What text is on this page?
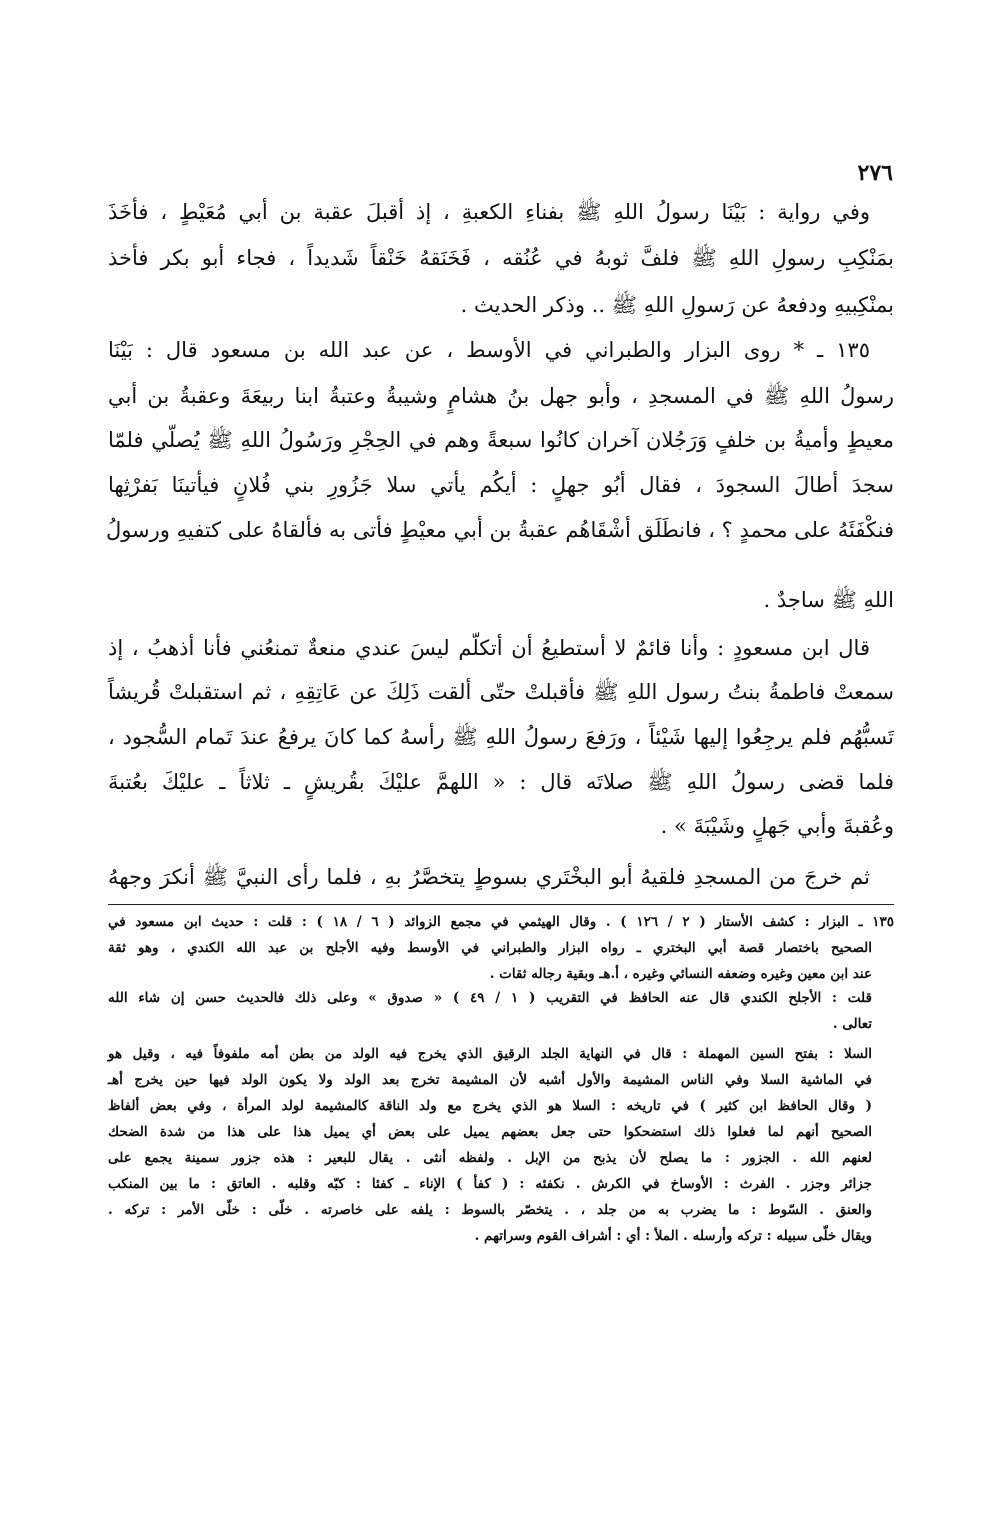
٢٧٦
وفي رواية : بَيْنَا رسولُ اللهِ ﷺ بفناءِ الكعبةِ ، إذ أقبلَ عقبة بن أبي مُعَيْطٍ ، فأخَذَ
بمَنْكِبِ رسولِ اللهِ ﷺ فلفَّ ثوبهُ في عُنُقه ، فَخَنَقهُ خَنْقاً شَديداً ، فجاء أبو بكر فأخذ
بمنْكِبيهِ ودفعهُ عن رَسولِ اللهِ ﷺ .. وذكر الحديث .
١٣٥ ـ * روى البزار والطبراني في الأوسط ، عن عبد الله بن مسعود قال : بَيْنَا
رسولُ اللهِ ﷺ في المسجدِ ، وأبو جهل بنُ هشامٍ وشيبةُ وعتبةُ ابنا ربيعَةَ وعقبةُ بن أبي
معيطٍ وأميةُ بن خلفٍ وَرَجُلان آخران كانُوا سبعةً وهم في الحِجْرِ ورَسُولُ اللهِ ﷺ يُصلّي فلمّا
سجدَ أطالَ السجودَ ، فقال أبُو جهلٍ : أيكُم يأتي سلا جَزُورِ بني فُلانٍ فيأتينَا بَفرْثِها
فنكْفَئَهُ على محمدٍ ؟ ، فانطَلَق أشْقَاهُم عقبةُ بن أبي معيْطٍ فأتى به فألقاهُ على كتفيهِ ورسولُ
اللهِ ﷺ ساجدٌ .
قال ابن مسعودٍ : وأنا قائمٌ لا أستطيعُ أن أتكلّم ليسَ عندي منعةٌ تمنعُني فأنا أذهبُ ، إذ
سمعتْ فاطمةُ بنتُ رسول اللهِ ﷺ فأقبلتْ حتّى ألقت ذَلِكَ عن عَاتِقِهِ ، ثم استقبلتْ قُريشاً
تَسبُّهُم فلم يرجِعُوا إليها شَيْئاً ، ورَفعَ رسولُ اللهِ ﷺ رأسهُ كما كانَ يرفعُ عندَ تَمام السُّجود ،
فلما قضى رسولُ اللهِ ﷺ صلاتَه قال : « اللهمَّ عليْكَ بقُريشٍ ـ ثلاثاً ـ عليْكَ بعُتبةَ
وعُقبةَ وأبي جَهلٍ وشَيْبَةَ » .
ثم خرجَ من المسجدِ فلقيهُ أبو البخْتَري بسوطٍ يتخصَّرُ بهِ ، فلما رأى النبيَّ ﷺ أنكرَ وجههُ
١٣٥ ـ البزار : كشف الأستار ( ٢ / ١٢٦ ) . وقال الهيثمي في مجمع الزوائد ( ٦ / ١٨ ) : قلت : حديث ابن مسعود في
الصحيح باختصار قصة أبي البختري ـ رواه البزار والطبراني في الأوسط وفيه الأجلح بن عبد الله الكندي ، وهو ثقة
عند ابن معين وغيره وضعفه النسائي وغيره ، أ.هـ وبقية رجاله ثقات .
قلت : الأجلح الكندي قال عنه الحافظ في التقريب ( ١ / ٤٩ ) « صدوق » وعلى ذلك فالحديث حسن إن شاء الله
تعالى .
السلا : بفتح السين المهملة : قال في النهاية الجلد الرقيق الذي يخرج فيه الولد من بطن أمه ملفوفاً فيه ، وقيل هو
في الماشية السلا وفي الناس المشيمة والأول أشبه لأن المشيمة تخرج بعد الولد ولا يكون الولد فيها حين يخرج أهـ
( وقال الحافظ ابن كثير ) في تاريخه : السلا هو الذي يخرج مع ولد الناقة كالمشيمة لولد المرأة ، وفي بعض ألفاظ
الصحيح أنهم لما فعلوا ذلك استضحكوا حتى جعل بعضهم يميل على بعض أي يميل هذا على هذا من شدة الضحك
لعنهم الله . الجزور : ما يصلح لأن يذبح من الإبل . ولفظه أنثى . يقال للبعير : هذه جزور سمينة يجمع على
جزائر وجزر . الفرث : الأوساخ في الكرش . نكفئه : ( كفأ ) الإناء ـ كفئا : كبّه وقلبه . العاتق : ما بين المنكب
والعنق . السّوط : ما يضرب به من جلد ، . يتخصّر بالسوط : يلفه على خاصرته . خلّى : خلّى الأمر : تركه .
ويقال خلّى سبيله : تركه وأرسله . الملأ : أي : أشراف القوم وسراتهم .
